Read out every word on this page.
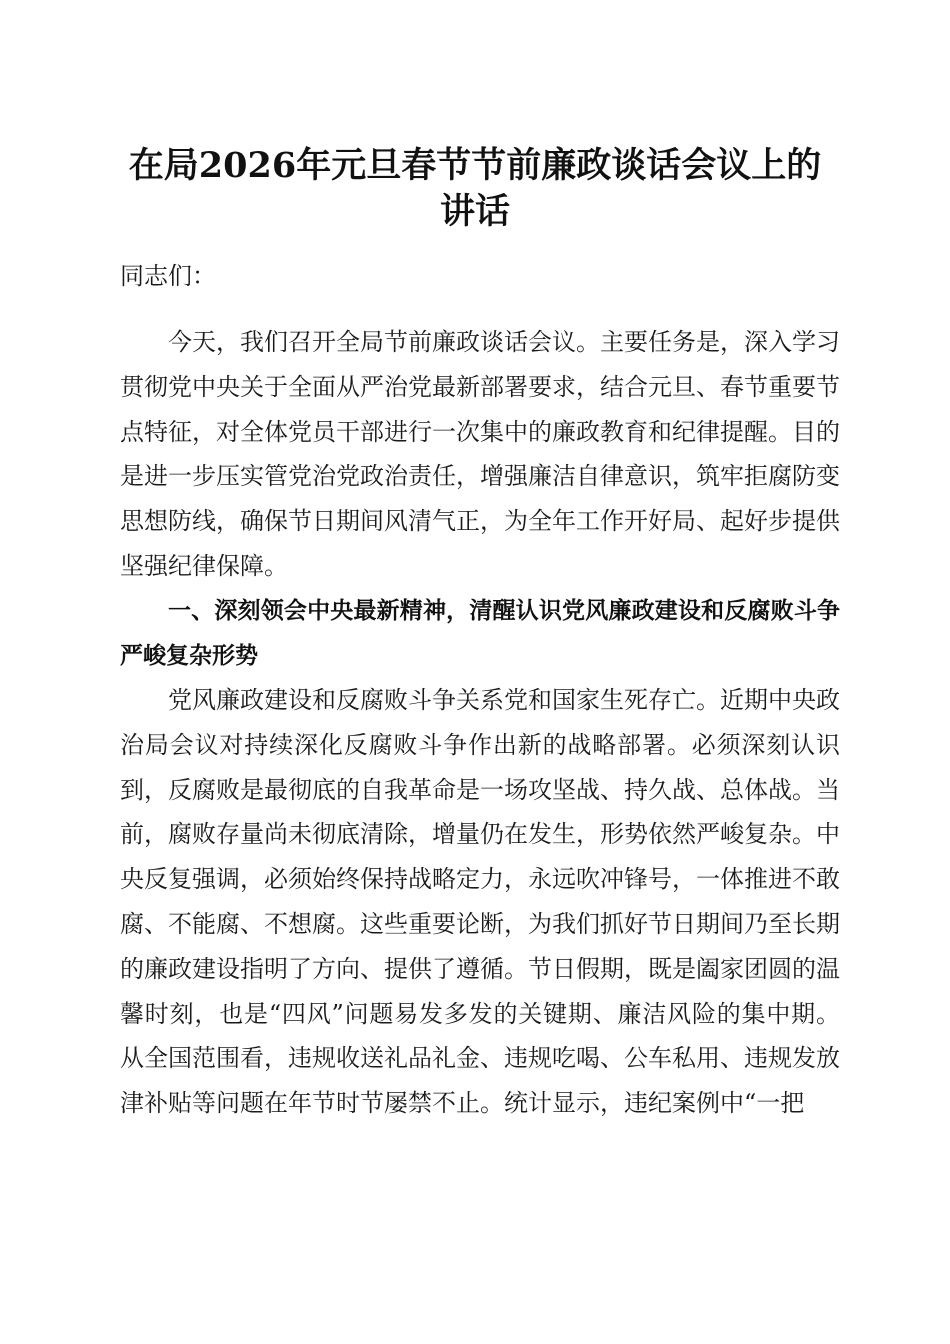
在局2026年元旦春节节前廉政谈话会议上的
讲话

同志们：

今天，我们召开全局节前廉政谈话会议。主要任务是，深入学习贯彻党中央关于全面从严治党最新部署要求，结合元旦、春节重要节点特征，对全体党员干部进行一次集中的廉政教育和纪律提醒。目的是进一步压实管党治党政治责任，增强廉洁自律意识，筑牢拒腐防变思想防线，确保节日期间风清气正，为全年工作开好局、起好步提供坚强纪律保障。

一、深刻领会中央最新精神，清醒认识党风廉政建设和反腐败斗争严峻复杂形势

党风廉政建设和反腐败斗争关系党和国家生死存亡。近期中央政治局会议对持续深化反腐败斗争作出新的战略部署。必须深刻认识到，反腐败是最彻底的自我革命是一场攻坚战、持久战、总体战。当前，腐败存量尚未彻底清除，增量仍在发生，形势依然严峻复杂。中央反复强调，必须始终保持战略定力，永远吹冲锋号，一体推进不敢腐、不能腐、不想腐。这些重要论断，为我们抓好节日期间乃至长期的廉政建设指明了方向、提供了遵循。节日假期，既是阖家团圆的温馨时刻，也是“四风”问题易发多发的关键期、廉洁风险的集中期。从全国范围看，违规收送礼品礼金、违规吃喝、公车私用、违规发放津补贴等问题在年节时节屡禁不止。统计显示，违纪案例中“一把
